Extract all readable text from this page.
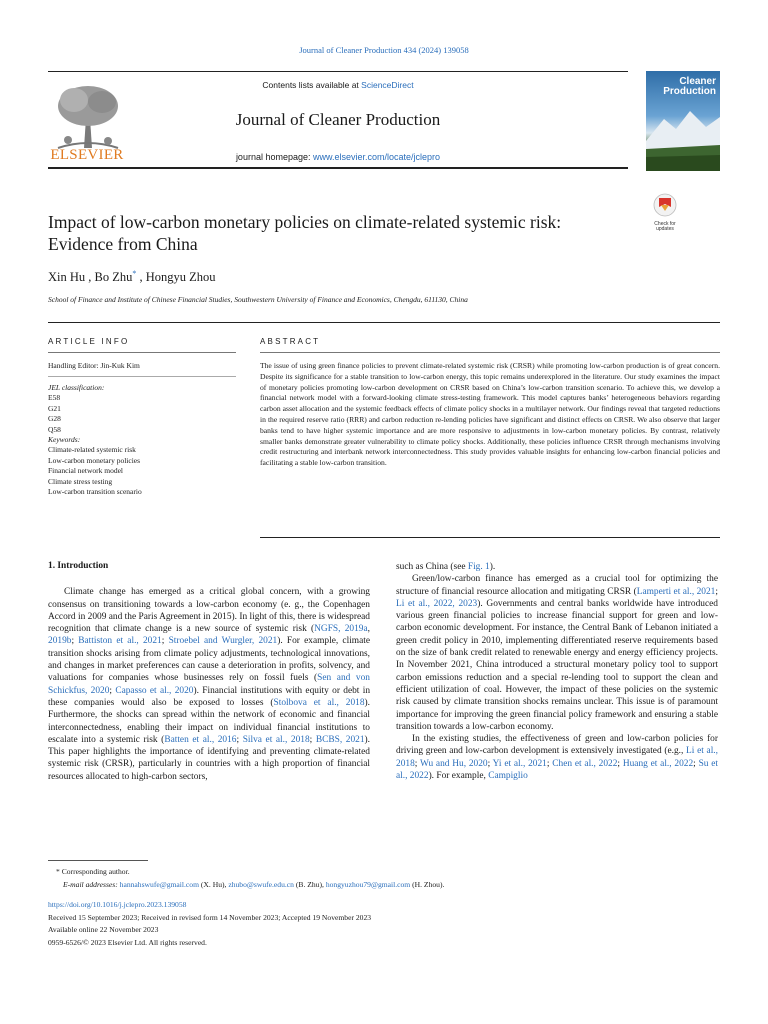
Journal of Cleaner Production 434 (2024) 139058
ELSEVIER
Contents lists available at ScienceDirect
Journal of Cleaner Production
journal homepage: www.elsevier.com/locate/jclepro
Cleaner
Production
Check for
updates
Impact of low-carbon monetary policies on climate-related systemic risk:
Evidence from China
Xin Hu , Bo Zhu* , Hongyu Zhou
School of Finance and Institute of Chinese Financial Studies, Southwestern University of Finance and Economics, Chengdu, 611130, China
ARTICLE INFO
Handling Editor: Jin-Kuk Kim
JEL classification:
E58
G21
G28
Q58
Keywords:
Climate-related systemic risk
Low-carbon monetary policies
Financial network model
Climate stress testing
Low-carbon transition scenario
ABSTRACT
The issue of using green finance policies to prevent climate-related systemic risk (CRSR) while promoting low-carbon production is of great concern. Despite its significance for a stable transition to low-carbon energy, this topic remains underexplored in the literature. Our study examines the impact of monetary policies promoting low-carbon development on CRSR based on China’s low-carbon transition scenario. To achieve this, we develop a financial network model with a forward-looking climate stress-testing framework. This model captures banks’ heterogeneous behaviors regarding carbon asset allocation and the systemic feedback effects of climate policy shocks in a multilayer network. Our findings reveal that targeted reductions in the required reserve ratio (RRR) and carbon reduction re-lending policies have significant and distinct effects on CRSR. We also observe that larger banks tend to have higher systemic importance and are more responsive to adjustments in low-carbon monetary policies. By contrast, relatively smaller banks demonstrate greater vulnerability to climate policy shocks. Additionally, these policies influence CRSR through mechanisms involving credit restructuring and interbank network interconnectedness. This study provides valuable insights for enhancing low-carbon financial policies and facilitating a stable low-carbon transition.
1. Introduction
Climate change has emerged as a critical global concern, with a growing consensus on transitioning towards a low-carbon economy (e. g., the Copenhagen Accord in 2009 and the Paris Agreement in 2015). In light of this, there is widespread recognition that climate change is a new source of systemic risk (NGFS, 2019a, 2019b; Battiston et al., 2021; Stroebel and Wurgler, 2021). For example, climate transition shocks arising from climate policy adjustments, technological innovations, and changes in market preferences can cause a deterioration in profits, solvency, and valuations for companies whose businesses rely on fossil fuels (Sen and von Schickfus, 2020; Capasso et al., 2020). Financial institutions with equity or debt in these companies would also be exposed to losses (Stolbova et al., 2018). Furthermore, the shocks can spread within the network of economic and financial interconnectedness, enabling their impact on individual financial institutions to escalate into a systemic risk (Batten et al., 2016; Silva et al., 2018; BCBS, 2021). This paper highlights the importance of identifying and preventing climate-related systemic risk (CRSR), particularly in countries with a high proportion of financial resources allocated to high-carbon sectors,
such as China (see Fig. 1).
Green/low-carbon finance has emerged as a crucial tool for optimizing the structure of financial resource allocation and mitigating CRSR (Lamperti et al., 2021; Li et al., 2022, 2023). Governments and central banks worldwide have introduced various green financial policies to increase financial support for green and low-carbon economic development. For instance, the Central Bank of Lebanon initiated a green credit policy in 2010, implementing differentiated reserve requirements based on the size of bank credit related to renewable energy and energy efficiency projects. In November 2021, China introduced a structural monetary policy tool to support carbon emissions reduction and a special re-lending tool to support the clean and efficient utilization of coal. However, the impact of these policies on the systemic risk caused by climate transition shocks remains unclear. This issue is of paramount importance for improving the green financial policy framework and ensuring a stable transition towards a low-carbon economy.
In the existing studies, the effectiveness of green and low-carbon policies for driving green and low-carbon development is extensively investigated (e.g., Li et al., 2018; Wu and Hu, 2020; Yi et al., 2021; Chen et al., 2022; Huang et al., 2022; Su et al., 2022). For example, Campiglio
* Corresponding author.
E-mail addresses: hannahswufe@gmail.com (X. Hu), zhubo@swufe.edu.cn (B. Zhu), hongyuzhou79@gmail.com (H. Zhou).
https://doi.org/10.1016/j.jclepro.2023.139058
Received 15 September 2023; Received in revised form 14 November 2023; Accepted 19 November 2023
Available online 22 November 2023
0959-6526/© 2023 Elsevier Ltd. All rights reserved.
